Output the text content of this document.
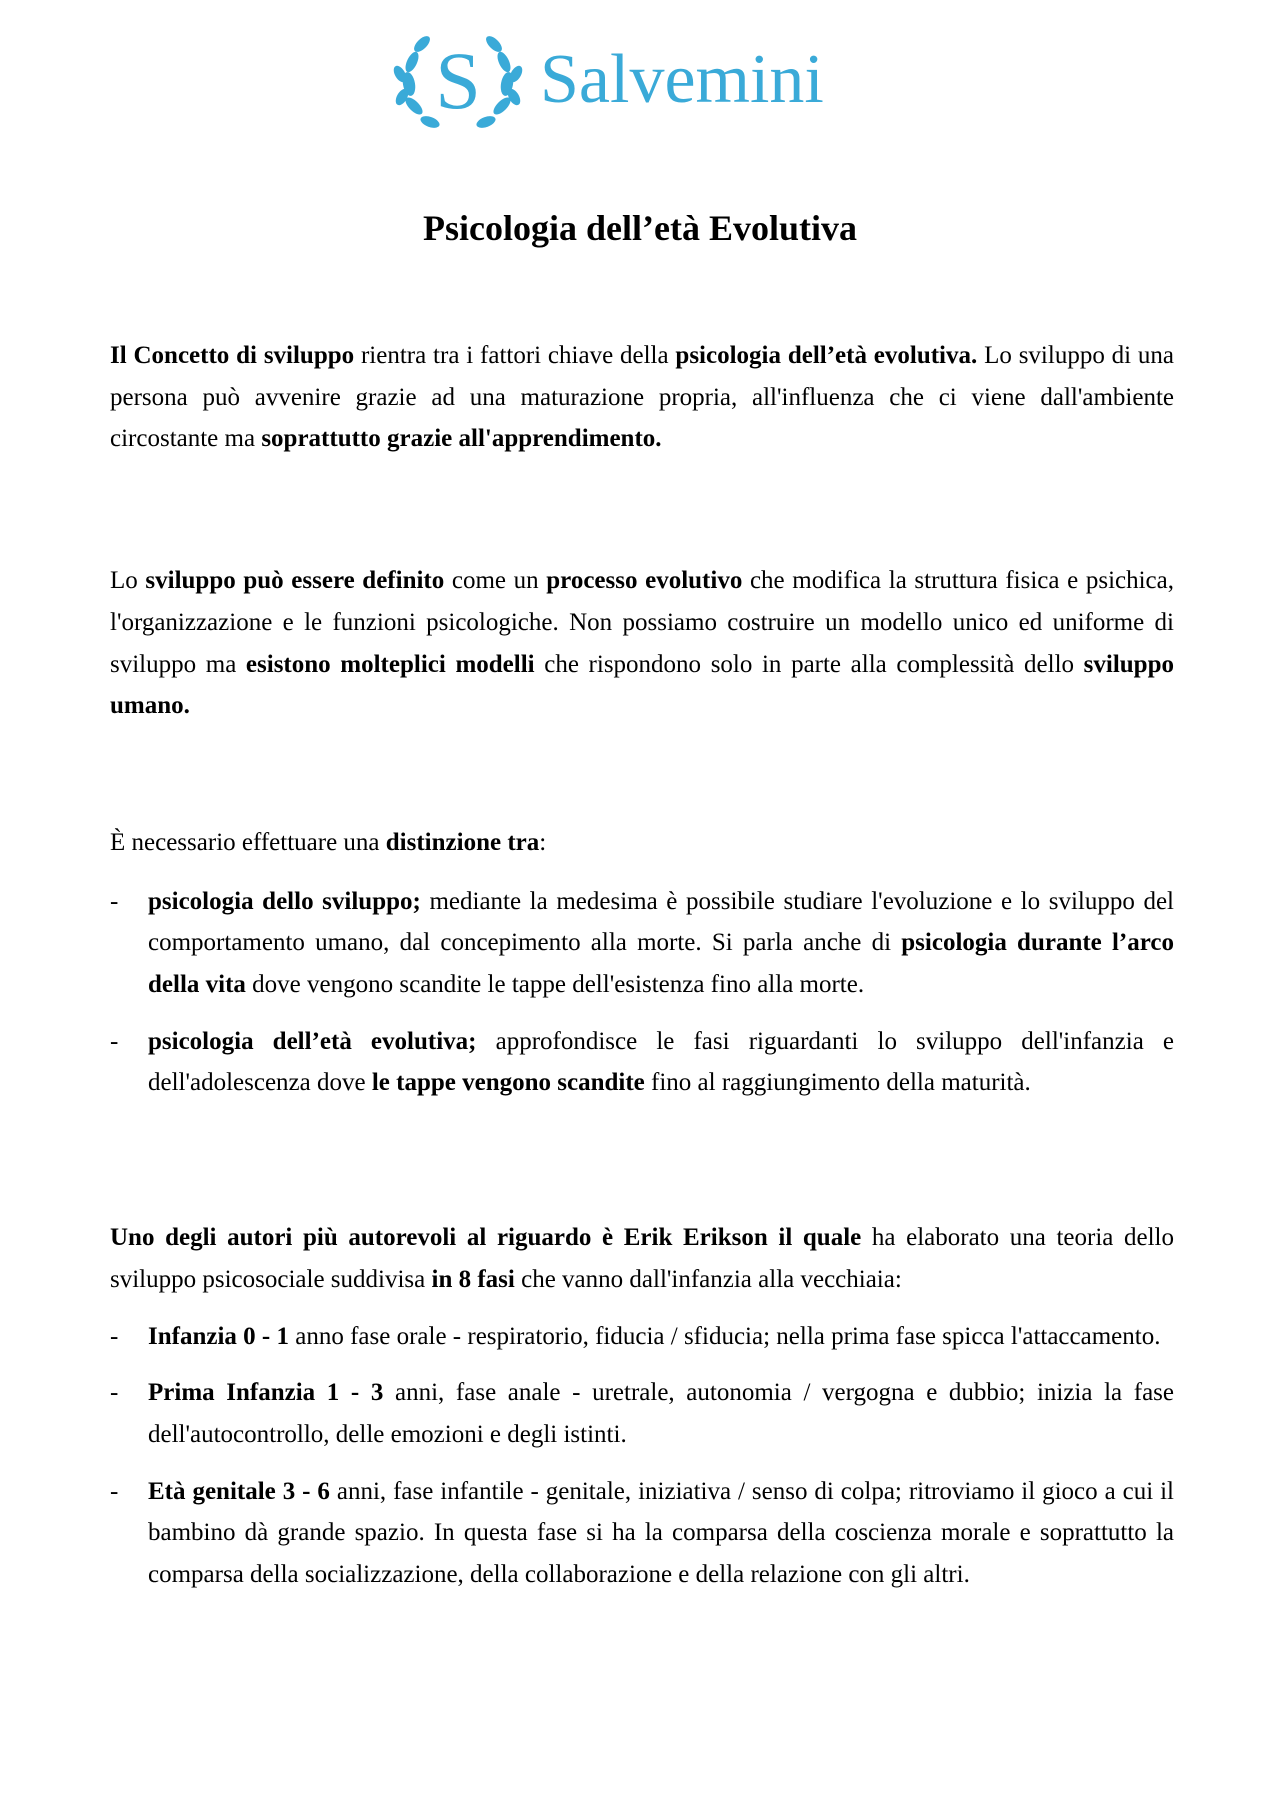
S Salvemini
Psicologia dell’età Evolutiva

Il Concetto di sviluppo rientra tra i fattori chiave della psicologia dell’età evolutiva. Lo sviluppo di una persona può avvenire grazie ad una maturazione propria, all'influenza che ci viene dall'ambiente circostante ma soprattutto grazie all'apprendimento.

Lo sviluppo può essere definito come un processo evolutivo che modifica la struttura fisica e psichica, l'organizzazione e le funzioni psicologiche. Non possiamo costruire un modello unico ed uniforme di sviluppo ma esistono molteplici modelli che rispondono solo in parte alla complessità dello sviluppo umano.

È necessario effettuare una distinzione tra:

- psicologia dello sviluppo; mediante la medesima è possibile studiare l'evoluzione e lo sviluppo del comportamento umano, dal concepimento alla morte. Si parla anche di psicologia durante l’arco della vita dove vengono scandite le tappe dell'esistenza fino alla morte.
- psicologia dell’età evolutiva; approfondisce le fasi riguardanti lo sviluppo dell'infanzia e dell'adolescenza dove le tappe vengono scandite fino al raggiungimento della maturità.

Uno degli autori più autorevoli al riguardo è Erik Erikson il quale ha elaborato una teoria dello sviluppo psicosociale suddivisa in 8 fasi che vanno dall'infanzia alla vecchiaia:

- Infanzia 0 - 1 anno fase orale - respiratorio, fiducia / sfiducia; nella prima fase spicca l'attaccamento.
- Prima Infanzia 1 - 3 anni, fase anale - uretrale, autonomia / vergogna e dubbio; inizia la fase dell'autocontrollo, delle emozioni e degli istinti.
- Età genitale 3 - 6 anni, fase infantile - genitale, iniziativa / senso di colpa; ritroviamo il gioco a cui il bambino dà grande spazio. In questa fase si ha la comparsa della coscienza morale e soprattutto la comparsa della socializzazione, della collaborazione e della relazione con gli altri.
